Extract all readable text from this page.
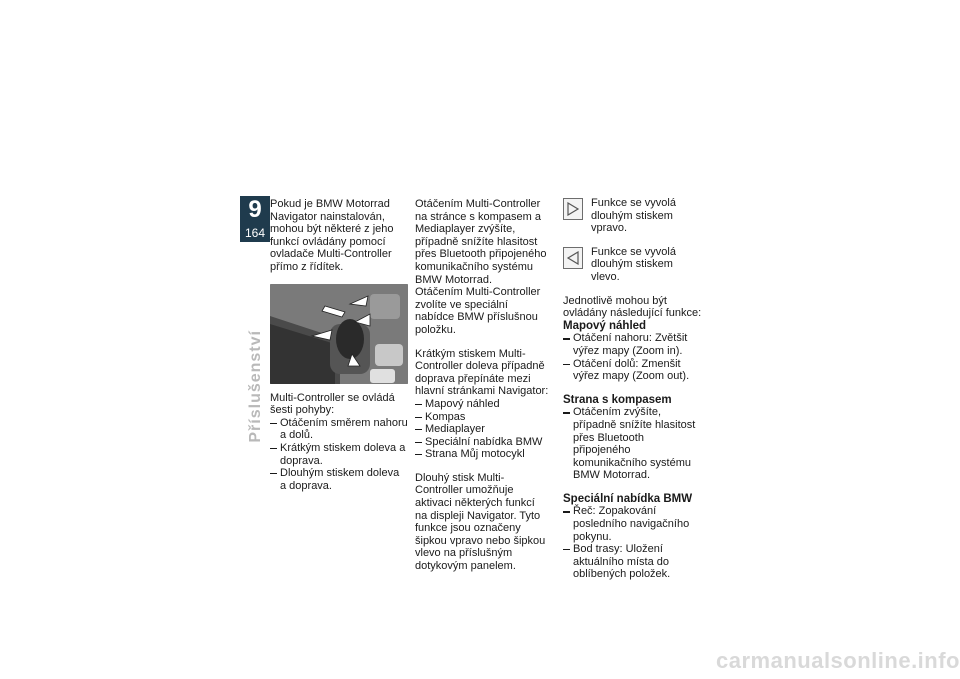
9
164
Příslušenství

Pokud je BMW Motorrad Navigator nainstalován, mohou být některé z jeho funkcí ovládány pomocí ovladače Multi-Controller přímo z řídítek.

Multi-Controller se ovládá šesti pohyby:

Otáčením směrem nahoru a dolů.
Krátkým stiskem doleva a doprava.
Dlouhým stiskem doleva a doprava.

Otáčením Multi-Controller na stránce s kompasem a Mediaplayer zvýšíte, případně snížíte hlasitost přes Bluetooth připojeného komunikačního systému BMW Motorrad.

Otáčením Multi-Controller zvolíte ve speciální nabídce BMW příslušnou položku.

Krátkým stiskem Multi-Controller doleva případně doprava přepínáte mezi hlavní stránkami Navigator:

Mapový náhled
Kompas
Mediaplayer
Speciální nabídka BMW
Strana Můj motocykl

Dlouhý stisk Multi-Controller umožňuje aktivaci některých funkcí na displeji Navigator. Tyto funkce jsou označeny šipkou vpravo nebo šipkou vlevo na příslušným dotykovým panelem.

Funkce se vyvolá dlouhým stiskem vpravo.
Funkce se vyvolá dlouhým stiskem vlevo.

Jednotlivě mohou být ovládány následující funkce:

Mapový náhled

Otáčení nahoru: Zvětšit výřez mapy (Zoom in).
Otáčení dolů: Zmenšit výřez mapy (Zoom out).

Strana s kompasem

Otáčením zvýšíte, případně snížíte hlasitost přes Bluetooth připojeného komunikačního systému BMW Motorrad.

Speciální nabídka BMW

Řeč: Zopakování posledního navigačního pokynu.
Bod trasy: Uložení aktuálního místa do oblíbených položek.
carmanualsonline.info
